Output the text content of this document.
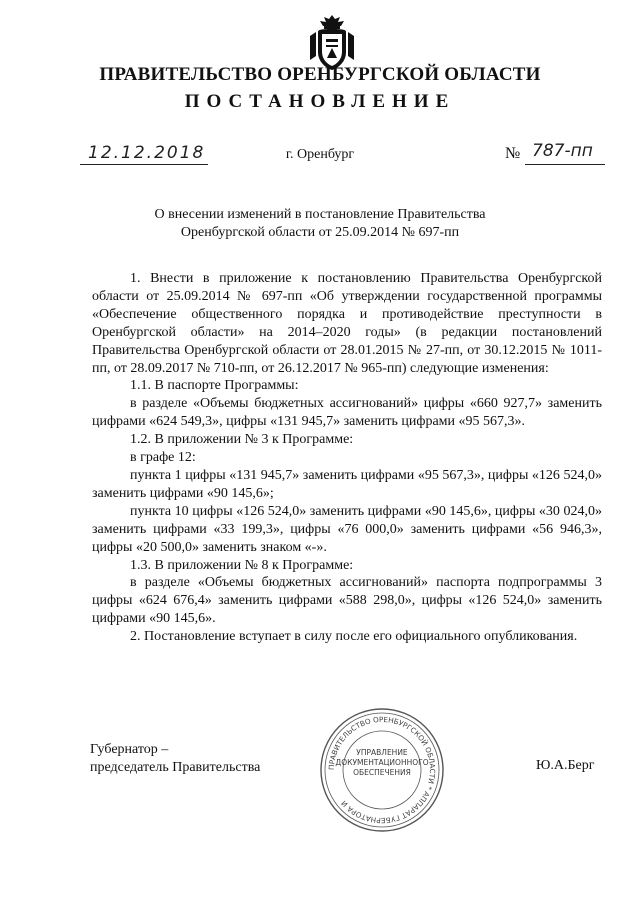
ПРАВИТЕЛЬСТВО ОРЕНБУРГСКОЙ ОБЛАСТИ
ПОСТАНОВЛЕНИЕ
12.12.2018	г. Оренбург	№ 787-пп
О внесении изменений в постановление Правительства
Оренбургской области от 25.09.2014 № 697-пп

1. Внести в приложение к постановлению Правительства Оренбургской области от 25.09.2014 № 697-пп «Об утверждении государственной программы «Обеспечение общественного порядка и противодействие преступности в Оренбургской области» на 2014–2020 годы» (в редакции постановлений Правительства Оренбургской области от 28.01.2015 № 27-пп, от 30.12.2015 № 1011-пп, от 28.09.2017 № 710-пп, от 26.12.2017 № 965-пп) следующие изменения:

1.1. В паспорте Программы:

в разделе «Объемы бюджетных ассигнований» цифры «660 927,7» заменить цифрами «624 549,3», цифры «131 945,7» заменить цифрами «95 567,3».

1.2. В приложении № 3 к Программе:

в графе 12:

пункта 1 цифры «131 945,7» заменить цифрами «95 567,3», цифры «126 524,0» заменить цифрами «90 145,6»;

пункта 10 цифры «126 524,0» заменить цифрами «90 145,6», цифры «30 024,0» заменить цифрами «33 199,3», цифры «76 000,0» заменить цифрами «56 946,3», цифры «20 500,0» заменить знаком «-».

1.3. В приложении № 8 к Программе:

в разделе «Объемы бюджетных ассигнований» паспорта подпрограммы 3 цифры «624 676,4» заменить цифрами «588 298,0», цифры «126 524,0» заменить цифрами «90 145,6».

2. Постановление вступает в силу после его официального опубликования.

Губернатор –
председатель Правительства	Ю.А.Берг
ПРАВИТЕЛЬСТВО ОРЕНБУРГСКОЙ ОБЛАСТИ * АППАРАТ ГУБЕРНАТОРА И
УПРАВЛЕНИЕ
ДОКУМЕНТАЦИОННОГО
ОБЕСПЕЧЕНИЯ
